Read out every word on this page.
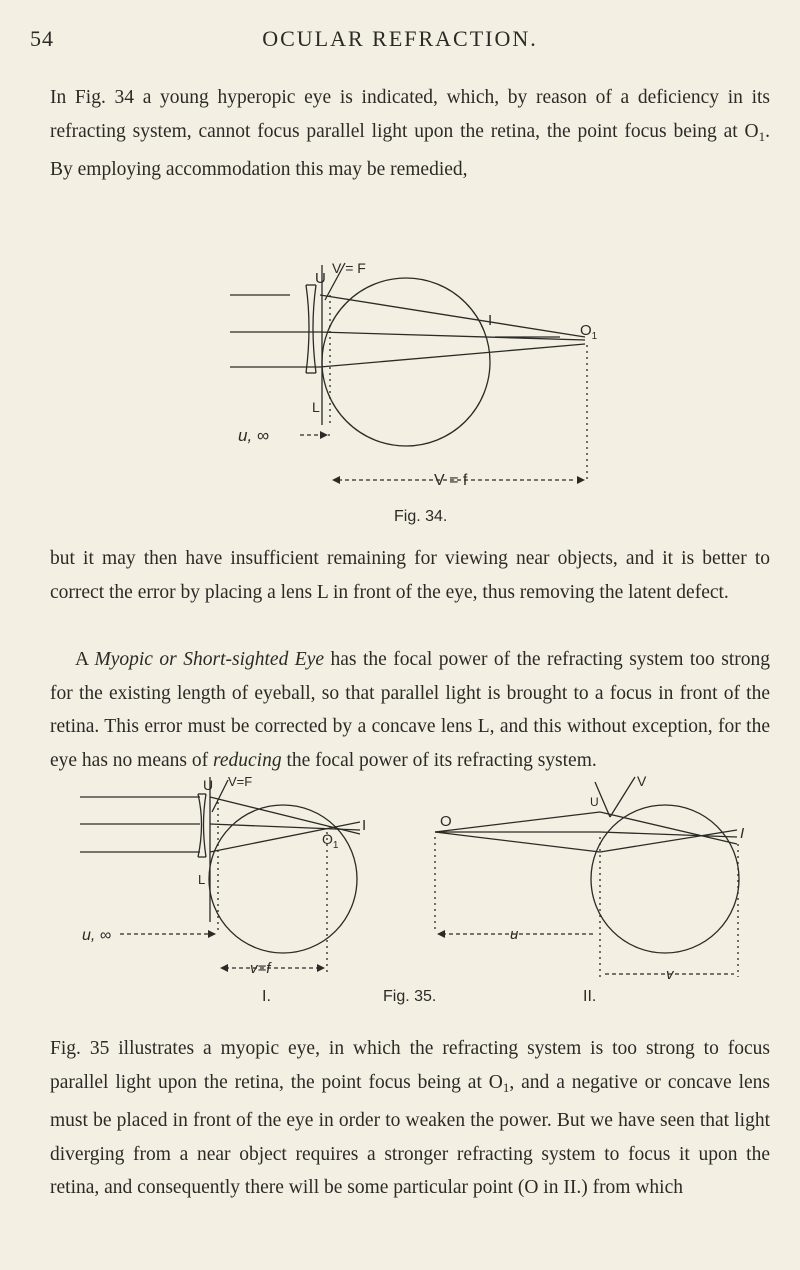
54	OCULAR REFRACTION.

In Fig. 34 a young hyperopic eye is indicated, which, by reason of a deficiency in its refracting system, cannot focus parallel light upon the retina, the point focus being at $O_1$. By employing accommodation this may be remedied,

U
V = F
L
I
$O_1$
u, ∞
V = f
Fig. 34.

but it may then have insufficient remaining for viewing near objects, and it is better to correct the error by placing a lens L in front of the eye, thus removing the latent defect.

A Myopic or Short-sighted Eye has the focal power of the refracting system too strong for the existing length of eyeball, so that parallel light is brought to a focus in front of the retina. This error must be corrected by a concave lens L, and this without exception, for the eye has no means of reducing the focal power of its refracting system.

U V=F
L
I
$O_1$
u, ∞
v=f
V
U
O
I
u
v
I.	Fig. 35.	II.

Fig. 35 illustrates a myopic eye, in which the refracting system is too strong to focus parallel light upon the retina, the point focus being at $O_1$, and a negative or concave lens must be placed in front of the eye in order to weaken the power. But we have seen that light diverging from a near object requires a stronger refracting system to focus it upon the retina, and consequently there will be some particular point (O in II.) from which
